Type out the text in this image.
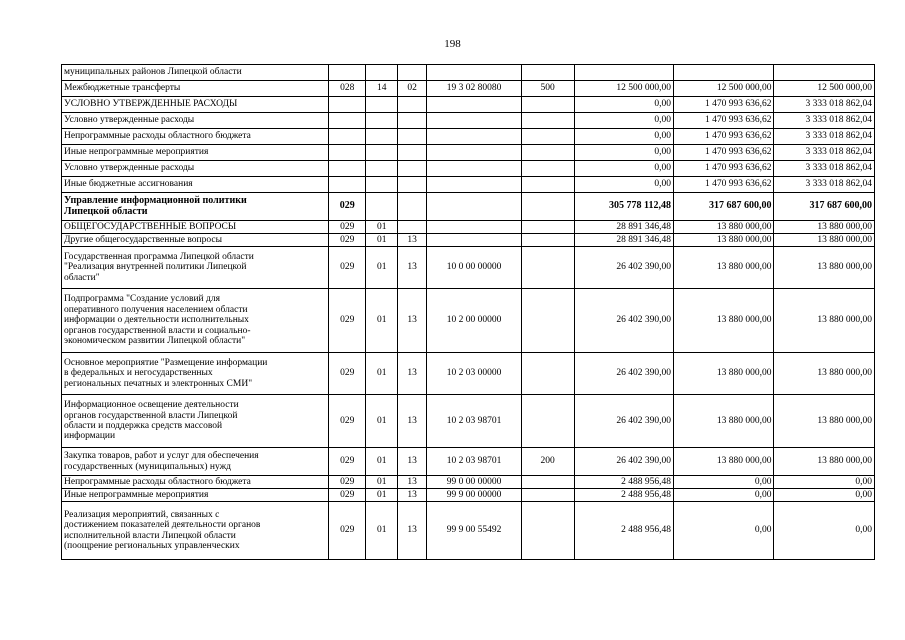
198
муниципальных районов Липецкой области								
Межбюджетные трансферты	028	14	02	19 3 02 80080	500	12 500 000,00	12 500 000,00	12 500 000,00
УСЛОВНО УТВЕРЖДЕННЫЕ РАСХОДЫ						0,00	1 470 993 636,62	3 333 018 862,04
Условно утвержденные расходы						0,00	1 470 993 636,62	3 333 018 862,04
Непрограммные расходы областного бюджета						0,00	1 470 993 636,62	3 333 018 862,04
Иные непрограммные мероприятия						0,00	1 470 993 636,62	3 333 018 862,04
Условно утвержденные расходы						0,00	1 470 993 636,62	3 333 018 862,04
Иные бюджетные ассигнования						0,00	1 470 993 636,62	3 333 018 862,04
Управление информационной политики
Липецкой области	029					305 778 112,48	317 687 600,00	317 687 600,00
ОБЩЕГОСУДАРСТВЕННЫЕ ВОПРОСЫ	029	01				28 891 346,48	13 880 000,00	13 880 000,00
Другие общегосударственные вопросы	029	01	13			28 891 346,48	13 880 000,00	13 880 000,00
Государственная программа Липецкой области
"Реализация внутренней политики Липецкой
области"	029	01	13	10 0 00 00000		26 402 390,00	13 880 000,00	13 880 000,00
Подпрограмма "Создание условий для
оперативного получения населением области
информации о деятельности исполнительных
органов государственной власти и социально-
экономическом развитии Липецкой области"	029	01	13	10 2 00 00000		26 402 390,00	13 880 000,00	13 880 000,00
Основное мероприятие "Размещение информации
в федеральных и негосударственных
региональных печатных и электронных СМИ"	029	01	13	10 2 03 00000		26 402 390,00	13 880 000,00	13 880 000,00
Информационное освещение деятельности
органов государственной власти Липецкой
области и поддержка средств массовой
информации	029	01	13	10 2 03 98701		26 402 390,00	13 880 000,00	13 880 000,00
Закупка товаров, работ и услуг для обеспечения
государственных (муниципальных) нужд	029	01	13	10 2 03 98701	200	26 402 390,00	13 880 000,00	13 880 000,00
Непрограммные расходы областного бюджета	029	01	13	99 0 00 00000		2 488 956,48	0,00	0,00
Иные непрограммные мероприятия	029	01	13	99 9 00 00000		2 488 956,48	0,00	0,00
Реализация мероприятий, связанных с
достижением показателей деятельности органов
исполнительной власти Липецкой области
(поощрение региональных управленческих	029	01	13	99 9 00 55492		2 488 956,48	0,00	0,00
